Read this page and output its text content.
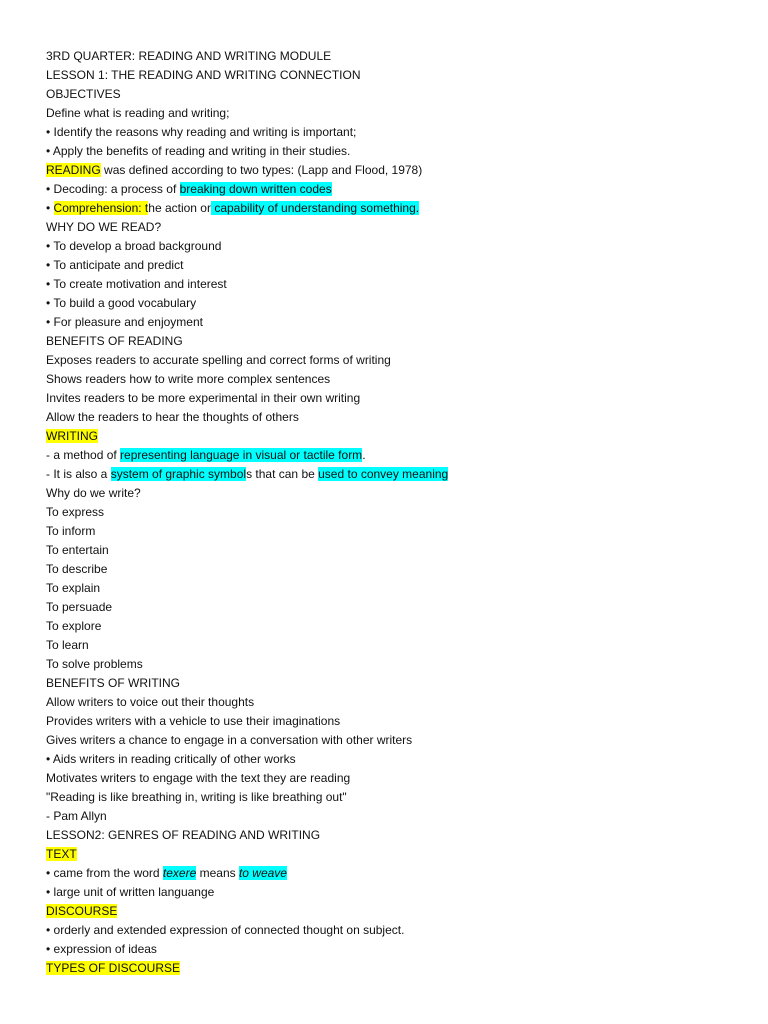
3RD QUARTER: READING AND WRITING MODULE
LESSON 1: THE READING AND WRITING CONNECTION
OBJECTIVES
Define what is reading and writing;
• Identify the reasons why reading and writing is important;
• Apply the benefits of reading and writing in their studies.
READING was defined according to two types: (Lapp and Flood, 1978)
• Decoding: a process of breaking down written codes
• Comprehension: the action or capability of understanding something.
WHY DO WE READ?
• To develop a broad background
• To anticipate and predict
• To create motivation and interest
• To build a good vocabulary
• For pleasure and enjoyment
BENEFITS OF READING
Exposes readers to accurate spelling and correct forms of writing
Shows readers how to write more complex sentences
Invites readers to be more experimental in their own writing
Allow the readers to hear the thoughts of others
WRITING
- a method of representing language in visual or tactile form.
- It is also a system of graphic symbols that can be used to convey meaning
Why do we write?
To express
To inform
To entertain
To describe
To explain
To persuade
To explore
To learn
To solve problems
BENEFITS OF WRITING
Allow writers to voice out their thoughts
Provides writers with a vehicle to use their imaginations
Gives writers a chance to engage in a conversation with other writers
• Aids writers in reading critically of other works
Motivates writers to engage with the text they are reading
"Reading is like breathing in, writing is like breathing out"
- Pam Allyn
LESSON2: GENRES OF READING AND WRITING
TEXT
• came from the word texere means to weave
• large unit of written languange
DISCOURSE
• orderly and extended expression of connected thought on subject.
• expression of ideas
TYPES OF DISCOURSE
